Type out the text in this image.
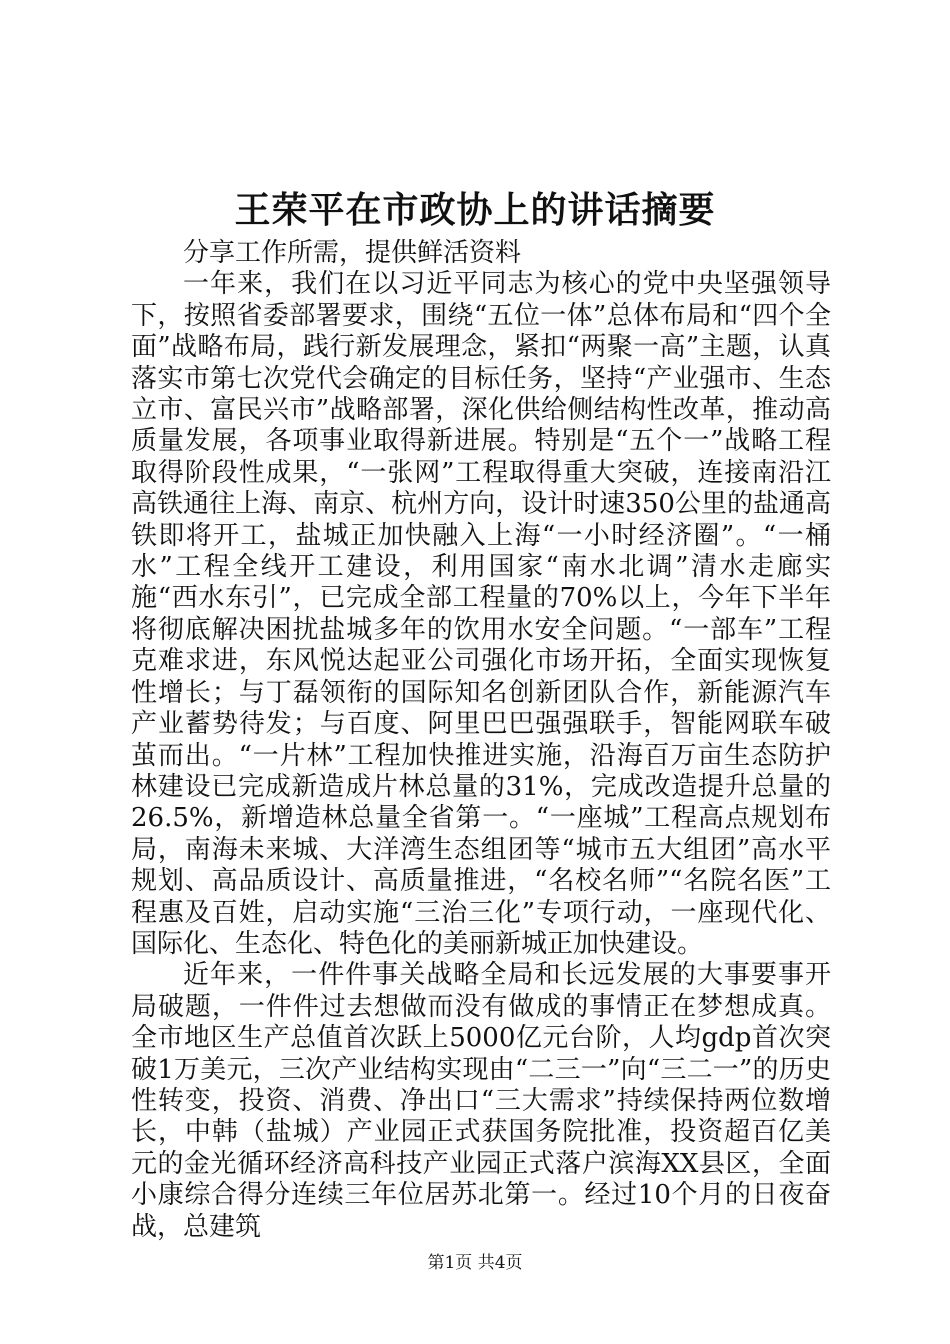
王荣平在市政协上的讲话摘要

分享工作所需，提供鲜活资料

一年来，我们在以习近平同志为核心的党中央坚强领导下，按照省委部署要求，围绕“五位一体”总体布局和“四个全面”战略布局，践行新发展理念，紧扣“两聚一高”主题，认真落实市第七次党代会确定的目标任务，坚持“产业强市、生态立市、富民兴市”战略部署，深化供给侧结构性改革，推动高质量发展，各项事业取得新进展。特别是“五个一”战略工程取得阶段性成果，“一张网”工程取得重大突破，连接南沿江高铁通往上海、南京、杭州方向，设计时速350公里的盐通高铁即将开工，盐城正加快融入上海“一小时经济圈”。“一桶水”工程全线开工建设，利用国家“南水北调”清水走廊实施“西水东引”，已完成全部工程量的70%以上，今年下半年将彻底解决困扰盐城多年的饮用水安全问题。“一部车”工程克难求进，东风悦达起亚公司强化市场开拓，全面实现恢复性增长；与丁磊领衔的国际知名创新团队合作，新能源汽车产业蓄势待发；与百度、阿里巴巴强强联手，智能网联车破茧而出。“一片林”工程加快推进实施，沿海百万亩生态防护林建设已完成新造成片林总量的31%，完成改造提升总量的26.5%，新增造林总量全省第一。“一座城”工程高点规划布局，南海未来城、大洋湾生态组团等“城市五大组团”高水平规划、高品质设计、高质量推进，“名校名师”“名院名医”工程惠及百姓，启动实施“三治三化”专项行动，一座现代化、国际化、生态化、特色化的美丽新城正加快建设。

近年来，一件件事关战略全局和长远发展的大事要事开局破题，一件件过去想做而没有做成的事情正在梦想成真。全市地区生产总值首次跃上5000亿元台阶，人均gdp首次突破1万美元，三次产业结构实现由“二三一”向“三二一”的历史性转变，投资、消费、净出口“三大需求”持续保持两位数增长，中韩（盐城）产业园正式获国务院批准，投资超百亿美元的金光循环经济高科技产业园正式落户滨海XX县区，全面小康综合得分连续三年位居苏北第一。经过10个月的日夜奋战，总建筑

第1页 共4页
